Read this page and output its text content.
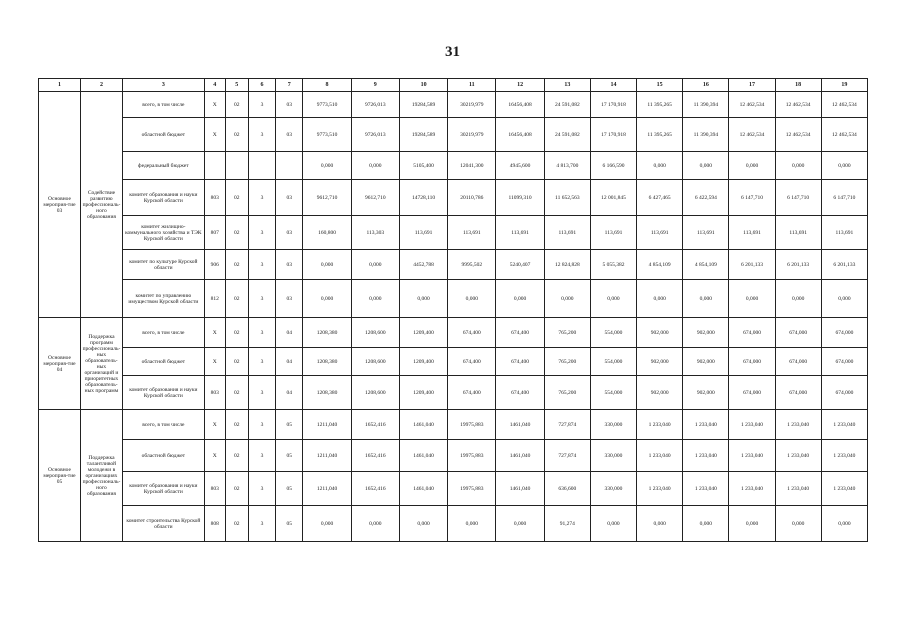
31
1	2	3	4	5	6	7	8	9	10	11	12	13	14	15	16	17	18	19
Основное мероприя-тие 03	Содействие развитию профессиональ-ного образования	всего, в том числе	Х	02	3	03	9773,510	9726,013	19284,589	30219,979	16456,408	24 591,082	17 170,918	11 395,265	11 390,394	12 462,534	12 462,534	12 462,534
		областной бюджет	Х	02	3	03	9773,510	9726,013	19284,589	30219,979	16456,408	24 591,082	17 170,918	11 395,265	11 390,394	12 462,534	12 462,534	12 462,534
		федеральный бюджет					0,000	0,000	5105,400	12041,300	4945,600	4 813,700	6 166,590	0,000	0,000	0,000	0,000	0,000
		комитет образования и науки Курской области	803	02	3	03	9612,710	9612,710	14728,110	20110,786	11099,310	11 652,563	12 001,845	6 427,465	6 422,594	6 147,710	6 147,710	6 147,710
		комитет жилищно-коммунального хозяйства и ТЭК Курской области	807	02	3	03	160,800	113,303	113,691	113,691	113,691	113,691	113,691	113,691	113,691	113,691	113,691	113,691
		комитет по культуре Курской области	906	02	3	03	0,000	0,000	4452,788	9995,502	5240,407	12 824,828	5 055,382	4 854,109	4 854,109	6 201,133	6 201,133	6 201,133
		комитет по управлению имуществом Курской области	812	02	3	03	0,000	0,000	0,000	0,000	0,000	0,000	0,000	0,000	0,000	0,000	0,000	0,000
Основное мероприя-тие 04	Поддержка программ профессиональ-ных образователь-ных организаций и приоритетных образователь-ных программ	всего, в том числе	Х	02	3	04	1208,380	1208,600	1209,400	674,400	674,400	765,200	554,000	902,000	902,000	674,000	674,000	674,000
		областной бюджет	Х	02	3	04	1208,380	1208,600	1209,400	674,400	674,400	765,200	554,000	902,000	902,000	674,000	674,000	674,000
		комитет образования и науки Курской области	803	02	3	04	1208,380	1208,600	1209,400	674,400	674,400	765,200	554,000	902,000	902,000	674,000	674,000	674,000
Основное мероприя-тие 05	Поддержка талантливой молодежи в организациях профессиональ-ного образования	всего, в том числе	Х	02	3	05	1211,040	1652,416	1461,040	19975,883	1461,040	727,874	330,000	1 233,040	1 233,040	1 233,040	1 233,040	1 233,040
		областной бюджет	Х	02	3	05	1211,040	1652,416	1461,040	19975,883	1461,040	727,874	330,000	1 233,040	1 233,040	1 233,040	1 233,040	1 233,040
		комитет образования и науки Курской области	803	02	3	05	1211,040	1652,416	1461,040	19975,883	1461,040	636,600	330,000	1 233,040	1 233,040	1 233,040	1 233,040	1 233,040
		комитет строительства Курской области	808	02	3	05	0,000	0,000	0,000	0,000	0,000	91,274	0,000	0,000	0,000	0,000	0,000	0,000
